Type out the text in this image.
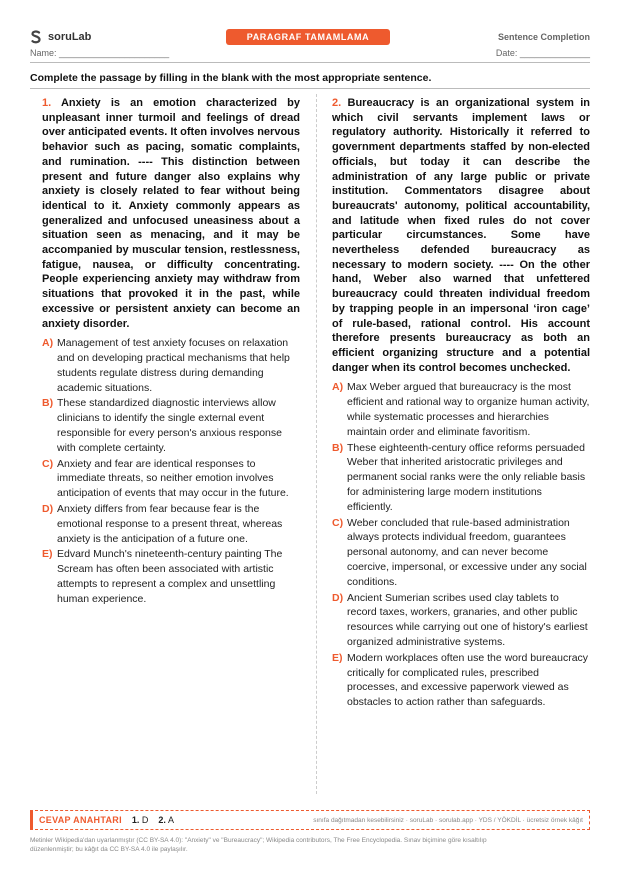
soruLab	PARAGRAF TAMAMLAMA	Sentence Completion
Name: ______________________	Date: ______________
Complete the passage by filling in the blank with the most appropriate sentence.

1. Anxiety is an emotion characterized by unpleasant inner turmoil and feelings of dread over anticipated events. It often involves nervous behavior such as pacing, somatic complaints, and rumination. ---- This distinction between present and future danger also explains why anxiety is closely related to fear without being identical to it. Anxiety commonly appears as generalized and unfocused uneasiness about a situation seen as menacing, and it may be accompanied by muscular tension, restlessness, fatigue, nausea, or difficulty concentrating. People experiencing anxiety may withdraw from situations that provoked it in the past, while excessive or persistent anxiety can become an anxiety disorder.

A) Management of test anxiety focuses on relaxation and on developing practical mechanisms that help students regulate distress during demanding academic situations.
B) These standardized diagnostic interviews allow clinicians to identify the single external event responsible for every person's anxious response with complete certainty.
C) Anxiety and fear are identical responses to immediate threats, so neither emotion involves anticipation of events that may occur in the future.
D) Anxiety differs from fear because fear is the emotional response to a present threat, whereas anxiety is the anticipation of a future one.
E) Edvard Munch's nineteenth-century painting The Scream has often been associated with artistic attempts to represent a complex and unsettling human experience.

2. Bureaucracy is an organizational system in which civil servants implement laws or regulatory authority. Historically it referred to government departments staffed by non-elected officials, but today it can describe the administration of any large public or private institution. Commentators disagree about bureaucrats' autonomy, political accountability, and latitude when fixed rules do not cover particular circumstances. Some have nevertheless defended bureaucracy as necessary to modern society. ---- On the other hand, Weber also warned that unfettered bureaucracy could threaten individual freedom by trapping people in an impersonal ‘iron cage’ of rule-based, rational control. His account therefore presents bureaucracy as both an efficient organizing structure and a potential danger when its control becomes unchecked.

A) Max Weber argued that bureaucracy is the most efficient and rational way to organize human activity, while systematic processes and hierarchies maintain order and eliminate favoritism.
B) These eighteenth-century office reforms persuaded Weber that inherited aristocratic privileges and permanent social ranks were the only reliable basis for administering large modern institutions efficiently.
C) Weber concluded that rule-based administration always protects individual freedom, guarantees personal autonomy, and can never become coercive, impersonal, or excessive under any social conditions.
D) Ancient Sumerian scribes used clay tablets to record taxes, workers, granaries, and other public resources while carrying out one of history's earliest organized administrative systems.
E) Modern workplaces often use the word bureaucracy critically for complicated rules, prescribed processes, and excessive paperwork viewed as obstacles to action rather than safeguards.
CEVAP ANAHTARI 1. D 2. A	sınıfa dağıtmadan kesebilirsiniz · soruLab · sorulab.app · YDS / YÖKDİL · ücretsiz örnek kâğıt
Metinler Wikipedia'dan uyarlanmıştır (CC BY-SA 4.0): "Anxiety" ve "Bureaucracy"; Wikipedia contributors, The Free Encyclopedia. Sınav biçimine göre kısaltılıp
düzenlenmiştir; bu kâğıt da CC BY-SA 4.0 ile paylaşılır.
